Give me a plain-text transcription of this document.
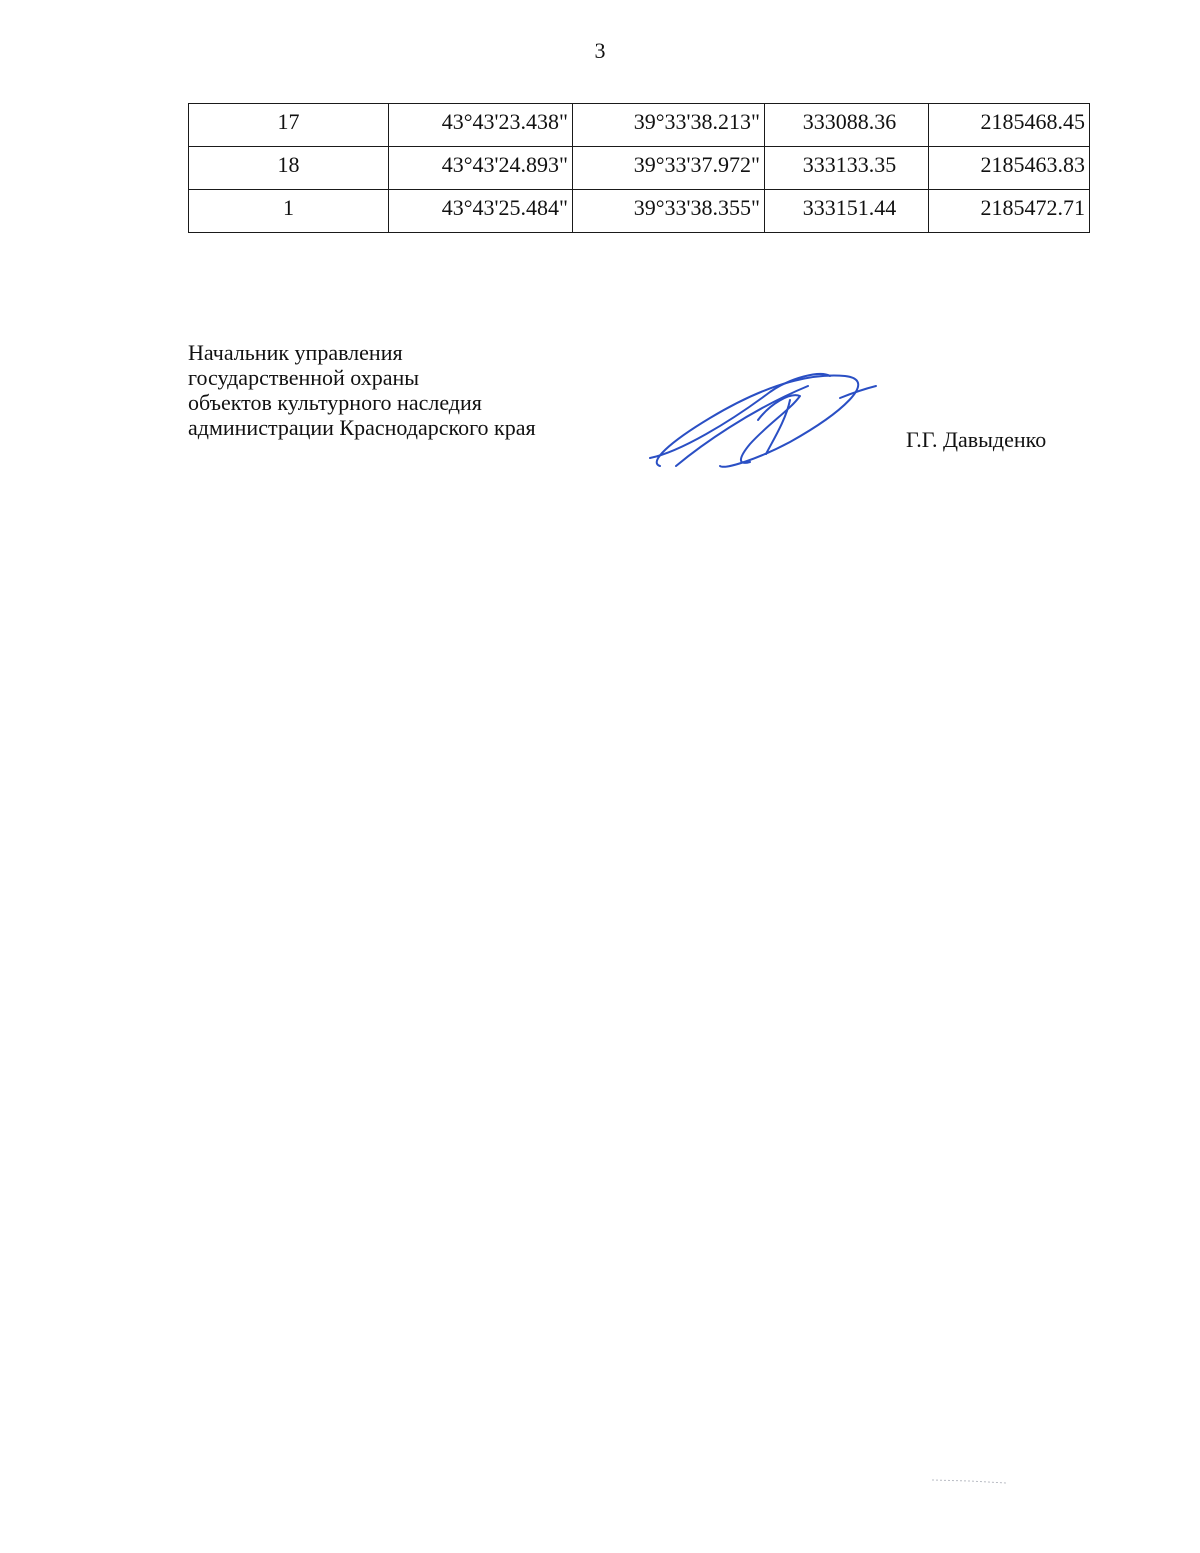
3
17	43°43'23.438"	39°33'38.213"	333088.36	2185468.45
18	43°43'24.893"	39°33'37.972"	333133.35	2185463.83
1	43°43'25.484"	39°33'38.355"	333151.44	2185472.71
Начальник управления
государственной охраны
объектов культурного наследия
администрации Краснодарского края	Г.Г. Давыденко
